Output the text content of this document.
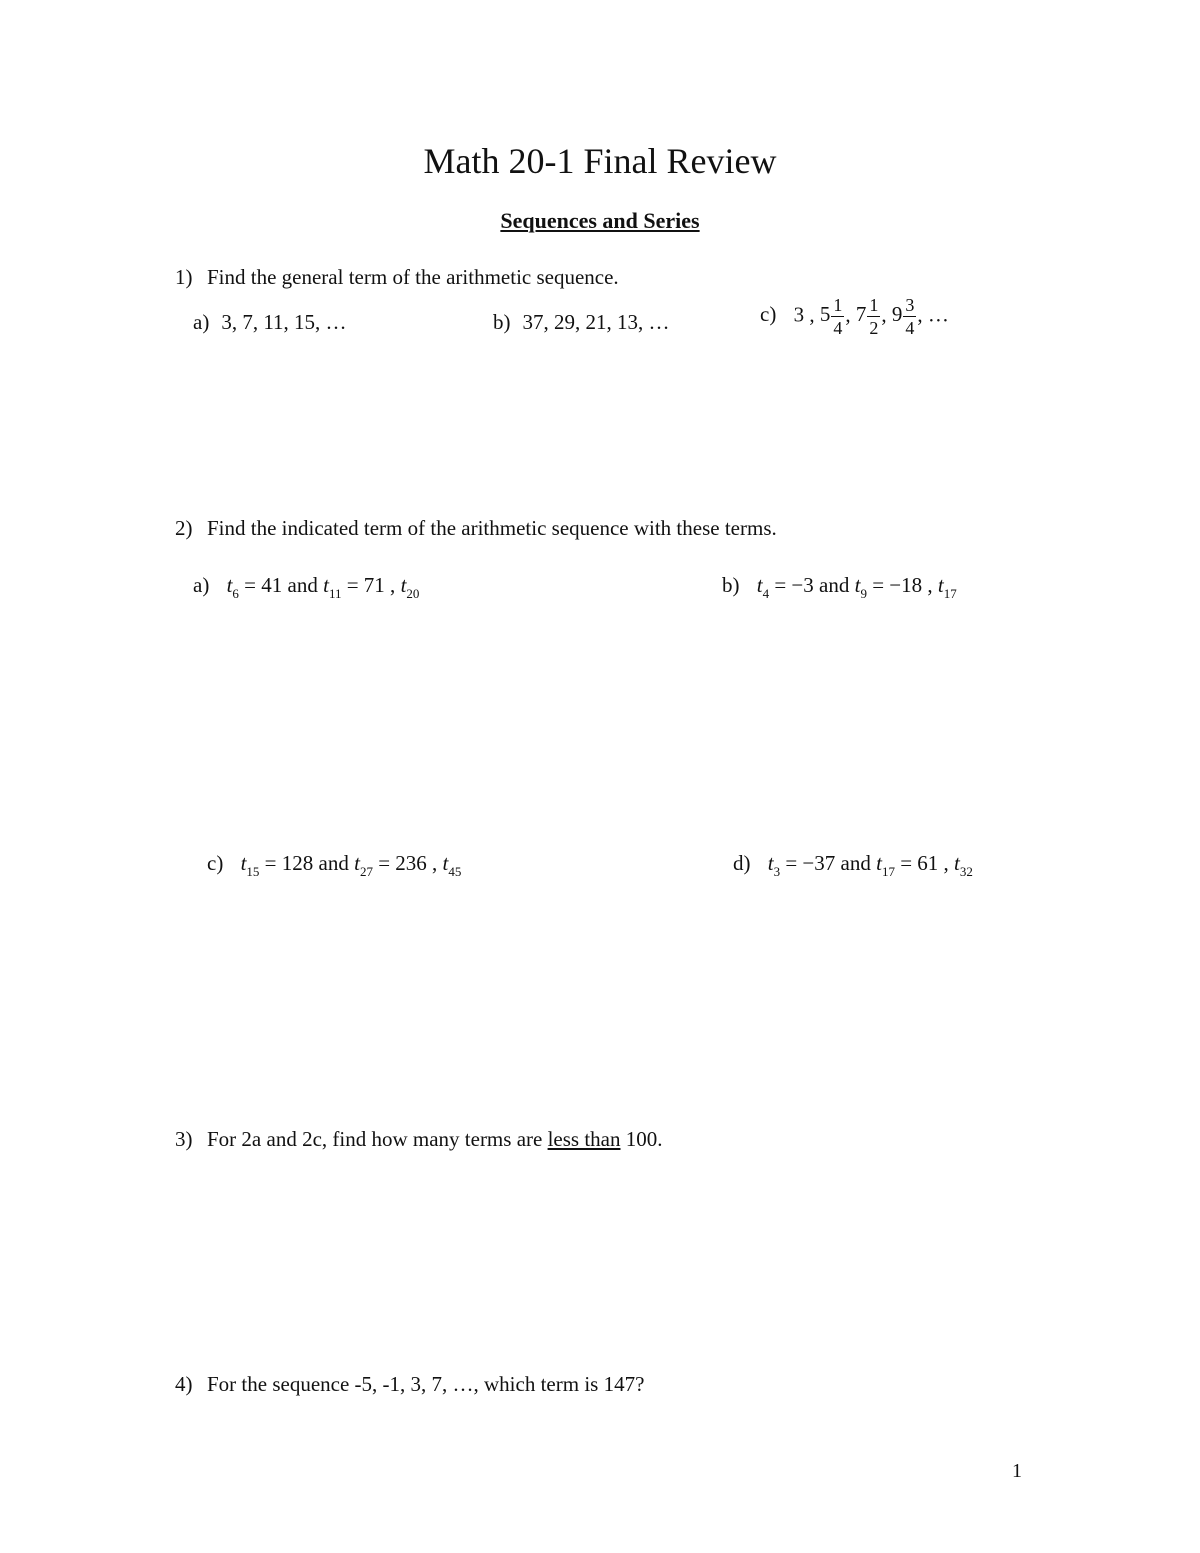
Math 20-1 Final Review
Sequences and Series
1) Find the general term of the arithmetic sequence.
a) 3, 7, 11, 15, …	b) 37, 29, 21, 13, …	c) 3 , $5 \frac{1}{4}$ , $7 \frac{1}{2}$ , $9 \frac{3}{4}$ , …
2) Find the indicated term of the arithmetic sequence with these terms.
a) $t_6 = 41$ and $t_{11} = 71$ , $t_{20}$	b) $t_4 = -3$ and $t_9 = -18$ , $t_{17}$
c) $t_{15} = 128$ and $t_{27} = 236$ , $t_{45}$	d) $t_3 = -37$ and $t_{17} = 61$ , $t_{32}$
3) For 2a and 2c, find how many terms are less than 100.
4) For the sequence -5, -1, 3, 7, …, which term is 147?
1
